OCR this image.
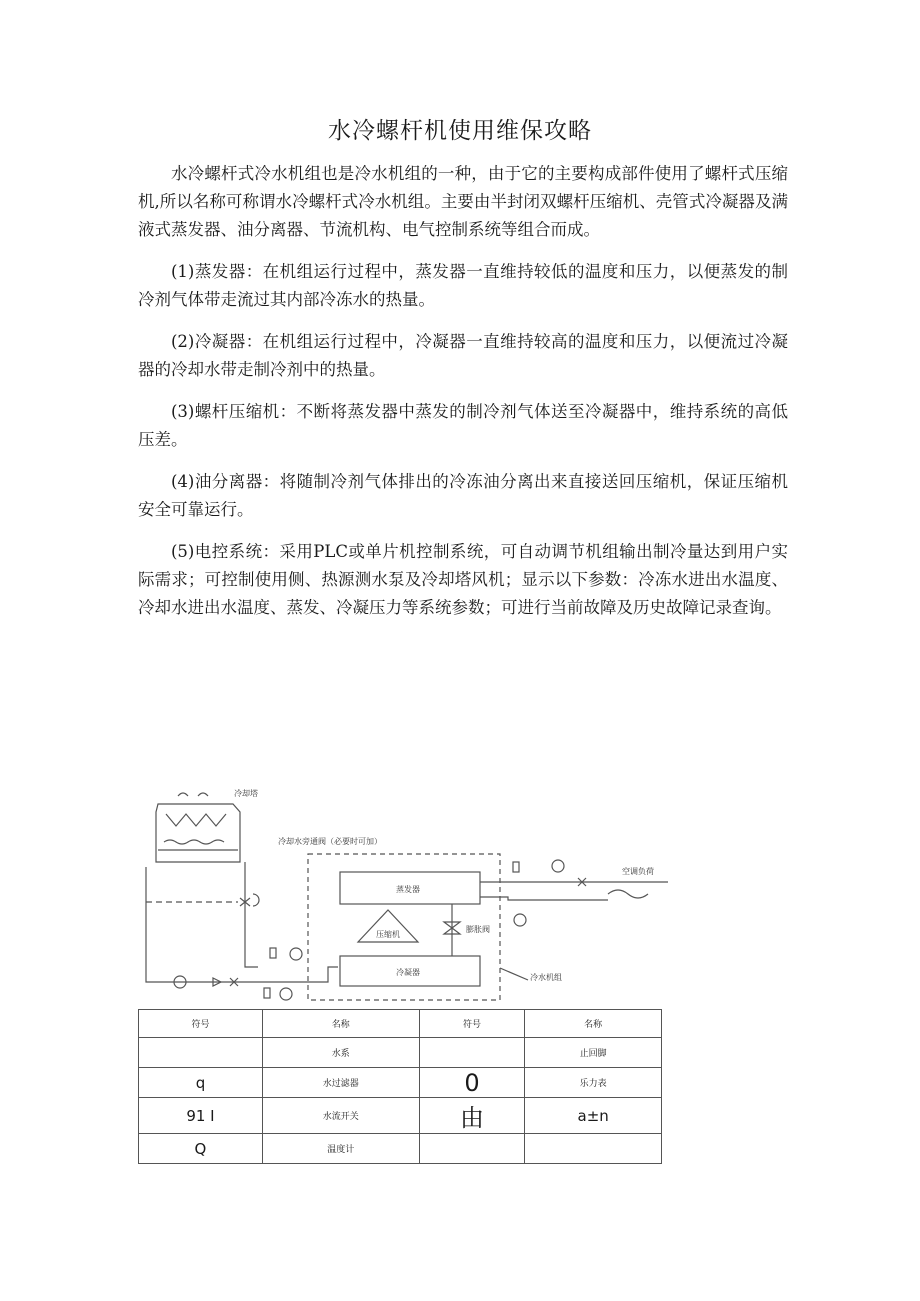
水冷螺杆机使用维保攻略

水冷螺杆式冷水机组也是冷水机组的一种，由于它的主要构成部件使用了螺杆式压缩机,所以名称可称谓水冷螺杆式冷水机组。主要由半封闭双螺杆压缩机、壳管式冷凝器及满液式蒸发器、油分离器、节流机构、电气控制系统等组合而成。

(1)蒸发器：在机组运行过程中，蒸发器一直维持较低的温度和压力，以便蒸发的制冷剂气体带走流过其内部冷冻水的热量。

(2)冷凝器：在机组运行过程中，冷凝器一直维持较高的温度和压力，以便流过冷凝器的冷却水带走制冷剂中的热量。

(3)螺杆压缩机：不断将蒸发器中蒸发的制冷剂气体送至冷凝器中，维持系统的高低压差。

(4)油分离器：将随制冷剂气体排出的冷冻油分离出来直接送回压缩机，保证压缩机安全可靠运行。

(5)电控系统：采用PLC或单片机控制系统，可自动调节机组输出制冷量达到用户实际需求；可控制使用侧、热源测水泵及冷却塔风机；显示以下参数：冷冻水进出水温度、冷却水进出水温度、蒸发、冷凝压力等系统参数；可进行当前故障及历史故障记录查询。

冷却塔
冷却水旁通阀（必要时可加）
蒸发器
压缩机
膨胀阀
冷凝器
冷水机组
空调负荷
符号	名称	符号	名称
	水系		止回脚
q	水过滤器	0	乐力表
91 I	水流开关	由	a±n
Q	温度计		
